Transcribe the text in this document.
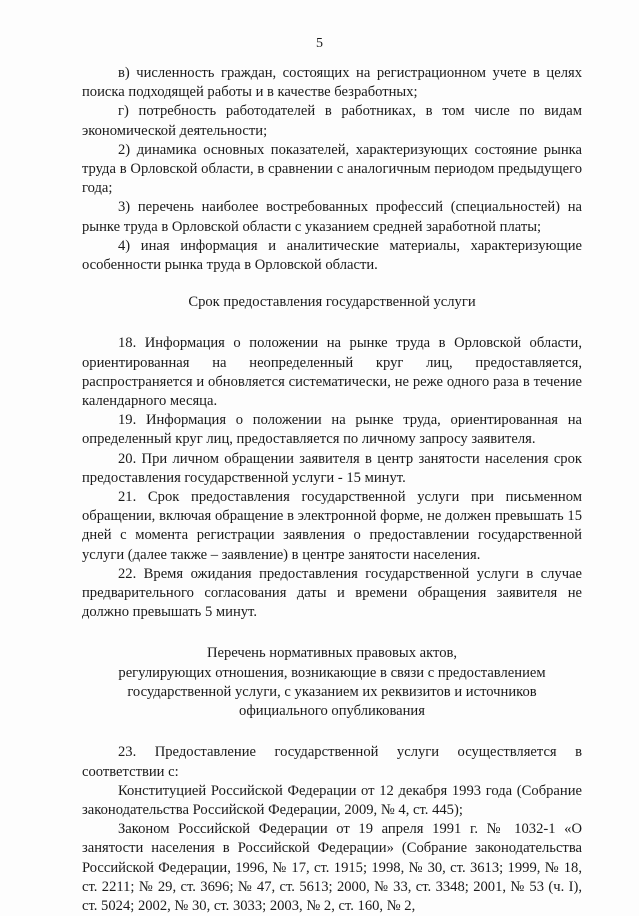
5

в) численность граждан, состоящих на регистрационном учете в целях поиска подходящей работы и в качестве безработных;

г) потребность работодателей в работниках, в том числе по видам экономической деятельности;

2) динамика основных показателей, характеризующих состояние рынка труда в Орловской области, в сравнении с аналогичным периодом предыдущего года;

3) перечень наиболее востребованных профессий (специальностей) на рынке труда в Орловской области с указанием средней заработной платы;

4) иная информация и аналитические материалы, характеризующие особенности рынка труда в Орловской области.

Срок предоставления государственной услуги

18. Информация о положении на рынке труда в Орловской области, ориентированная на неопределенный круг лиц, предоставляется, распространяется и обновляется систематически, не реже одного раза в течение календарного месяца.

19. Информация о положении на рынке труда, ориентированная на определенный круг лиц, предоставляется по личному запросу заявителя.

20. При личном обращении заявителя в центр занятости населения срок предоставления государственной услуги - 15 минут.

21. Срок предоставления государственной услуги при письменном обращении, включая обращение в электронной форме, не должен превышать 15 дней с момента регистрации заявления о предоставлении государственной услуги (далее также – заявление) в центре занятости населения.

22. Время ожидания предоставления государственной услуги в случае предварительного согласования даты и времени обращения заявителя не должно превышать 5 минут.

Перечень нормативных правовых актов,

регулирующих отношения, возникающие в связи с предоставлением

государственной услуги, с указанием их реквизитов и источников

официального опубликования

23. Предоставление государственной услуги осуществляется в соответствии с:

Конституцией Российской Федерации от 12 декабря 1993 года (Собрание законодательства Российской Федерации, 2009, № 4, ст. 445);

Законом Российской Федерации от 19 апреля 1991 г. № 1032-1 «О занятости населения в Российской Федерации» (Собрание законодательства Российской Федерации, 1996, № 17, ст. 1915; 1998, № 30, ст. 3613; 1999, № 18, ст. 2211; № 29, ст. 3696; № 47, ст. 5613; 2000, № 33, ст. 3348; 2001, № 53 (ч. I), ст. 5024; 2002, № 30, ст. 3033; 2003, № 2, ст. 160, № 2,
